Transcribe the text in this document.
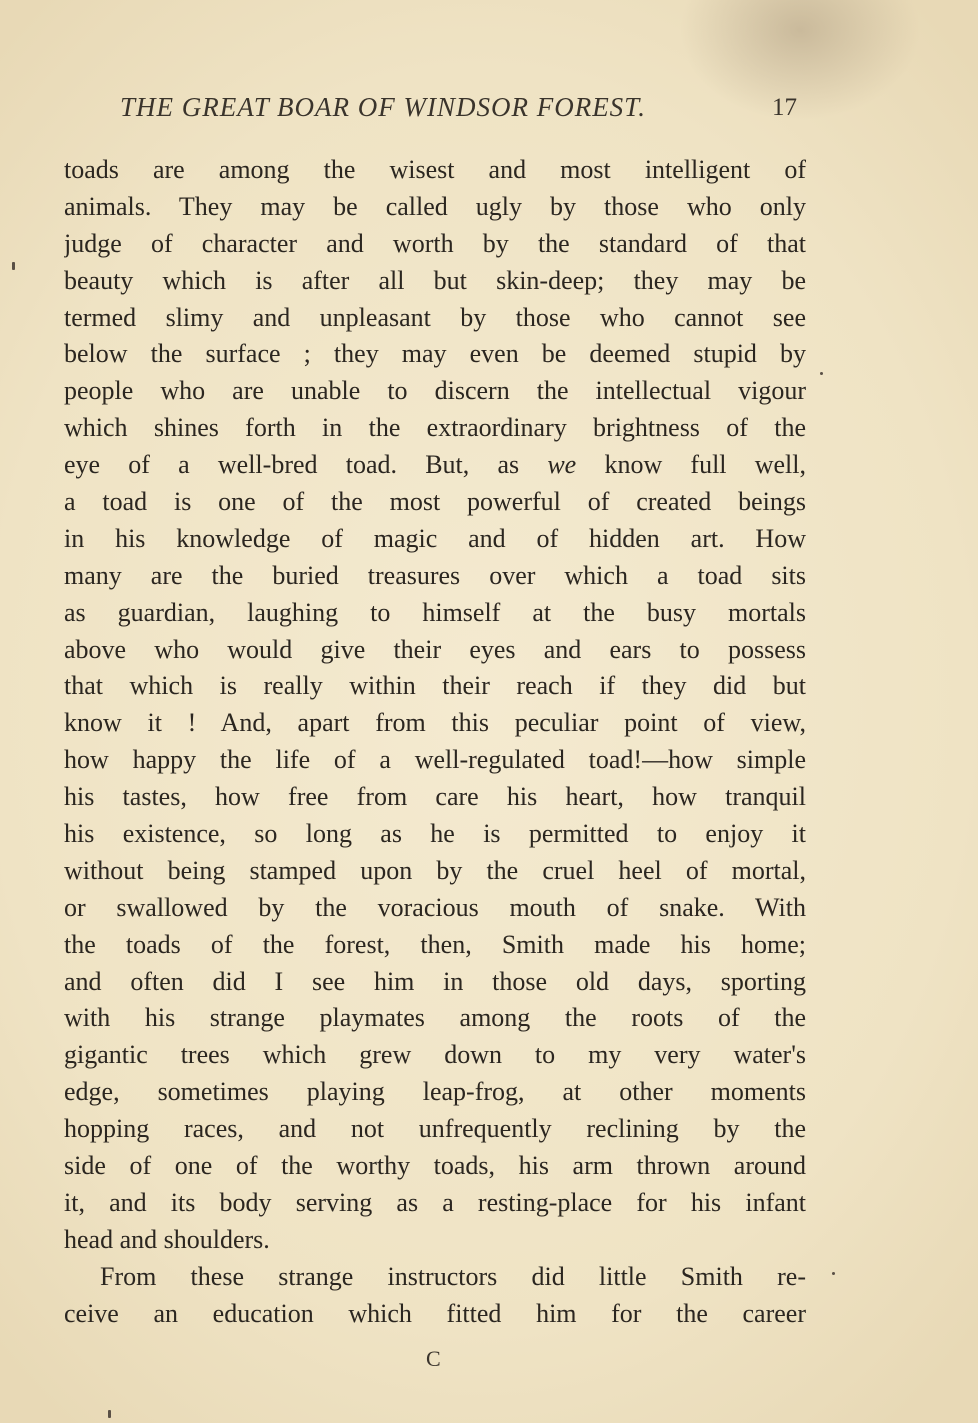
THE GREAT BOAR OF WINDSOR FOREST.	17
toads are among the wisest and most intelligent of
animals. They may be called ugly by those who only
judge of character and worth by the standard of that
beauty which is after all but skin-deep; they may be
termed slimy and unpleasant by those who cannot see
below the surface ; they may even be deemed stupid by
people who are unable to discern the intellectual vigour
which shines forth in the extraordinary brightness of the
eye of a well-bred toad. But, as we know full well,
a toad is one of the most powerful of created beings
in his knowledge of magic and of hidden art. How
many are the buried treasures over which a toad sits
as guardian, laughing to himself at the busy mortals
above who would give their eyes and ears to possess
that which is really within their reach if they did but
know it ! And, apart from this peculiar point of view,
how happy the life of a well-regulated toad!—how simple
his tastes, how free from care his heart, how tranquil
his existence, so long as he is permitted to enjoy it
without being stamped upon by the cruel heel of mortal,
or swallowed by the voracious mouth of snake. With
the toads of the forest, then, Smith made his home;
and often did I see him in those old days, sporting
with his strange playmates among the roots of the
gigantic trees which grew down to my very water's
edge, sometimes playing leap-frog, at other moments
hopping races, and not unfrequently reclining by the
side of one of the worthy toads, his arm thrown around
it, and its body serving as a resting-place for his infant
head and shoulders.
From these strange instructors did little Smith re-
ceive an education which fitted him for the career
C
